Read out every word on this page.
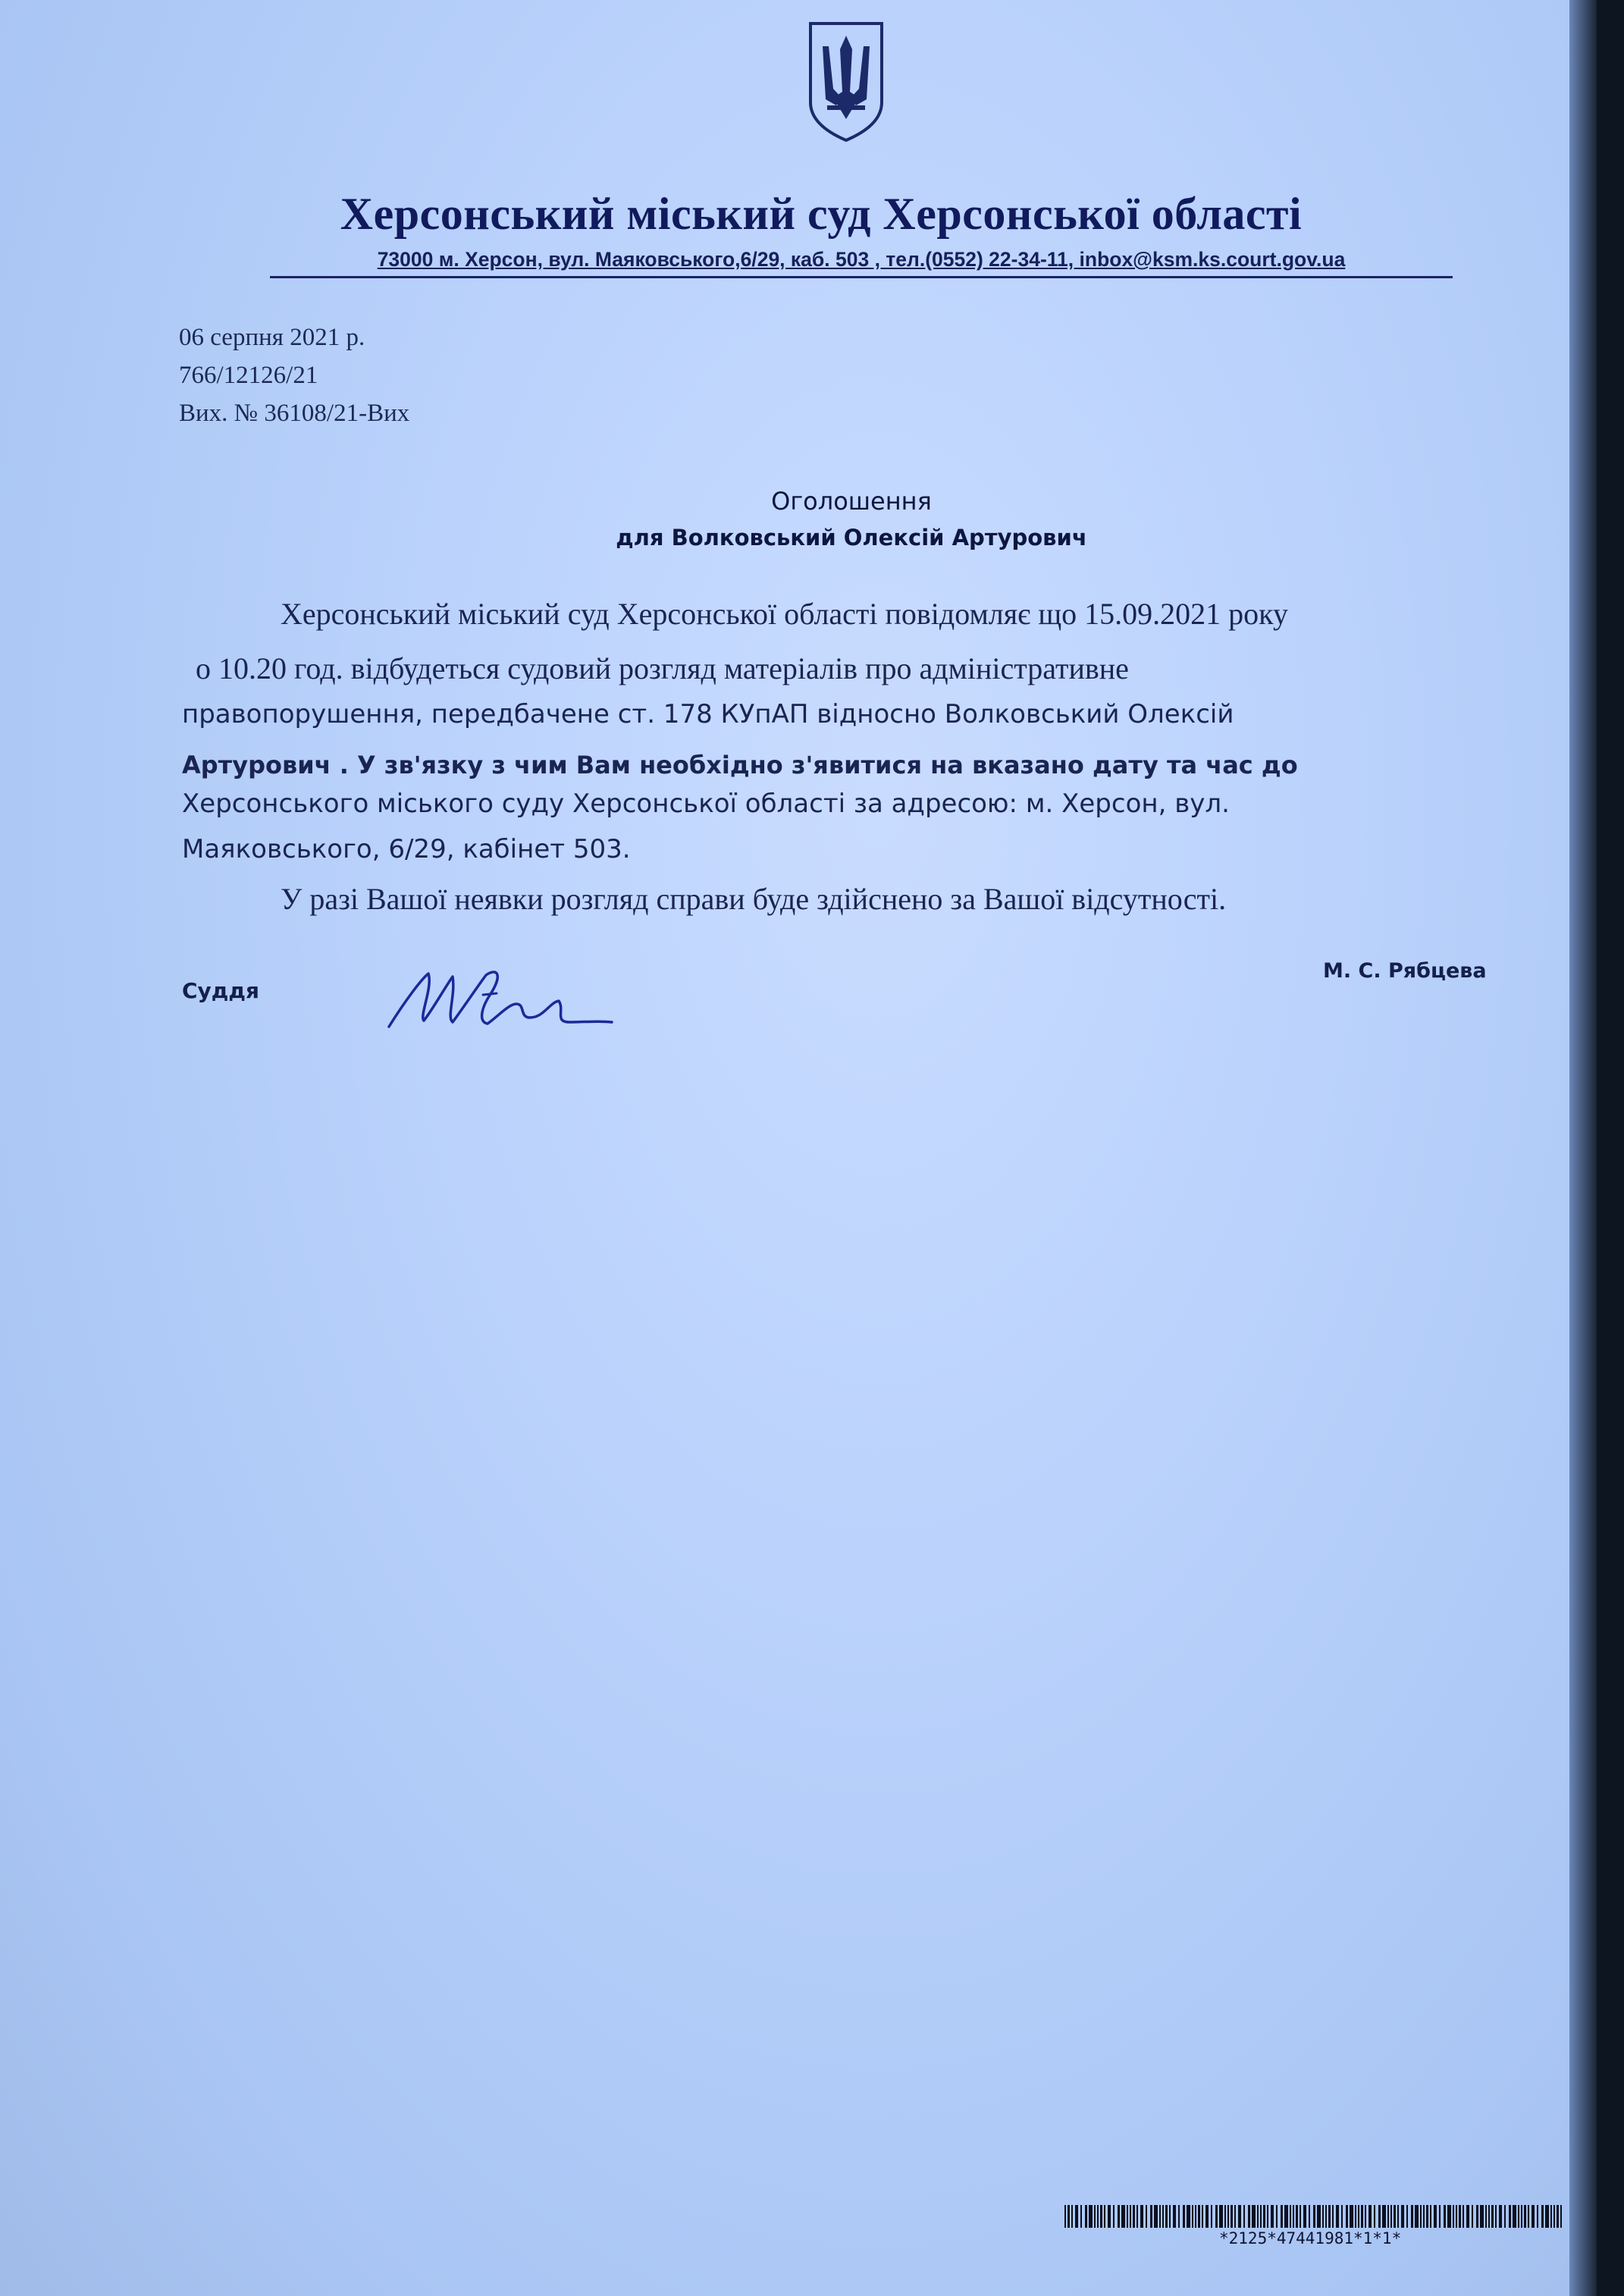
Херсонський міський суд Херсонської області
73000 м. Херсон, вул. Маяковського,6/29, каб. 503 , тел.(0552) 22-34-11, inbox@ksm.ks.court.gov.ua
06 серпня 2021 р.
766/12126/21
Вих. № 36108/21-Вих
Оголошення
для Волковський Олексій Артурович
Херсонський міський суд Херсонської області повідомляє що 15.09.2021 року
о 10.20 год. відбудеться судовий розгляд матеріалів про адміністративне
правопорушення, передбачене ст. 178 КУпАП відносно Волковський Олексій
Артурович . У зв'язку з чим Вам необхідно з'явитися на вказано дату та час до
Херсонського міського суду Херсонської області за адресою: м. Херсон, вул.
Маяковського, 6/29, кабінет 503.
У разі Вашої неявки розгляд справи буде здійснено за Вашої відсутності.
Суддя
М. С. Рябцева
*2125*47441981*1*1*
